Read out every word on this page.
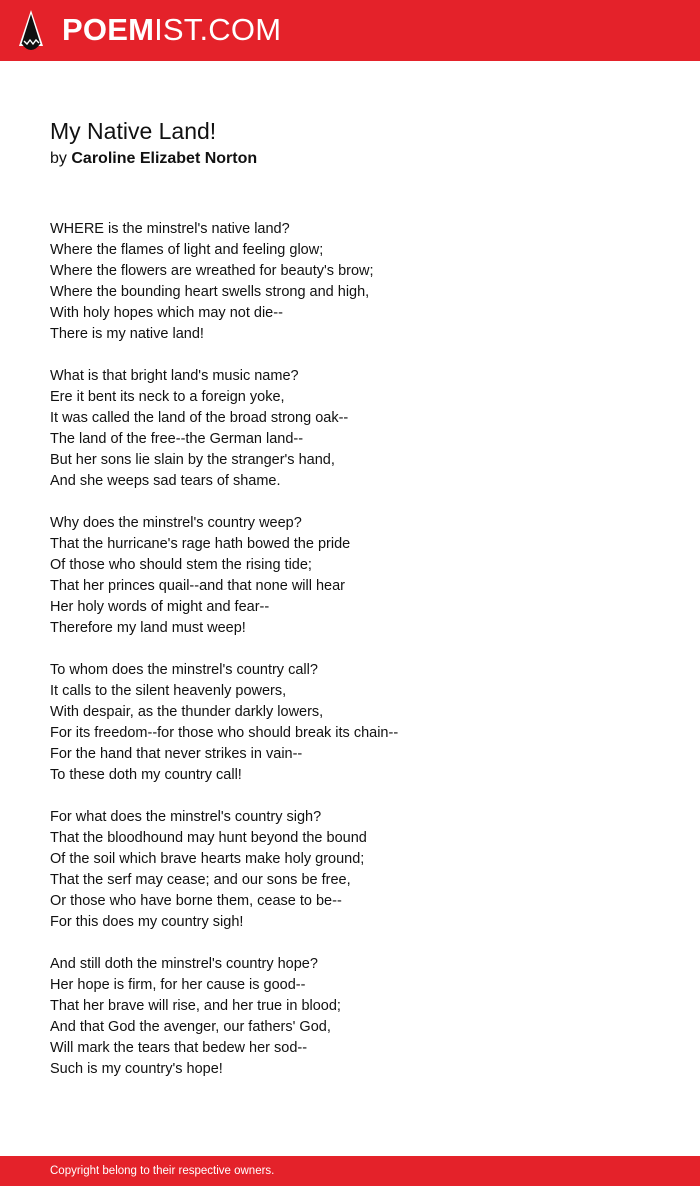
POEMIST.COM
My Native Land!
by Caroline Elizabet Norton
WHERE is the minstrel's native land?
Where the flames of light and feeling glow;
Where the flowers are wreathed for beauty's brow;
Where the bounding heart swells strong and high,
With holy hopes which may not die--
There is my native land!
What is that bright land's music name?
Ere it bent its neck to a foreign yoke,
It was called the land of the broad strong oak--
The land of the free--the German land--
But her sons lie slain by the stranger's hand,
And she weeps sad tears of shame.
Why does the minstrel's country weep?
That the hurricane's rage hath bowed the pride
Of those who should stem the rising tide;
That her princes quail--and that none will hear
Her holy words of might and fear--
Therefore my land must weep!
To whom does the minstrel's country call?
It calls to the silent heavenly powers,
With despair, as the thunder darkly lowers,
For its freedom--for those who should break its chain--
For the hand that never strikes in vain--
To these doth my country call!
For what does the minstrel's country sigh?
That the bloodhound may hunt beyond the bound
Of the soil which brave hearts make holy ground;
That the serf may cease; and our sons be free,
Or those who have borne them, cease to be--
For this does my country sigh!
And still doth the minstrel's country hope?
Her hope is firm, for her cause is good--
That her brave will rise, and her true in blood;
And that God the avenger, our fathers' God,
Will mark the tears that bedew her sod--
Such is my country's hope!
Copyright belong to their respective owners.
